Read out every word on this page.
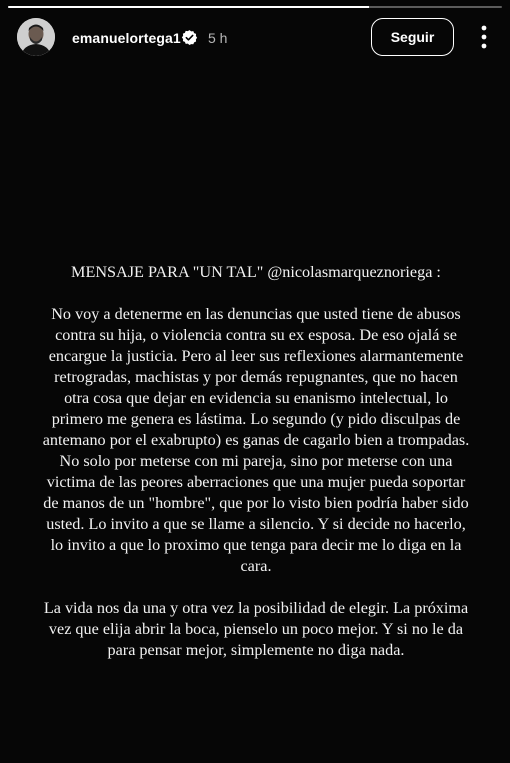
emanuelortega1 5 h	Seguir

MENSAJE PARA "UN TAL" @nicolasmarqueznoriega :

No voy a detenerme en las denuncias que usted tiene de abusos contra su hija, o violencia contra su ex esposa. De eso ojalá se encargue la justicia. Pero al leer sus reflexiones alarmantemente retrogradas, machistas y por demás repugnantes, que no hacen otra cosa que dejar en evidencia su enanismo intelectual, lo primero me genera es lástima. Lo segundo (y pido disculpas de antemano por el exabrupto) es ganas de cagarlo bien a trompadas. No solo por meterse con mi pareja, sino por meterse con una victima de las peores aberraciones que una mujer pueda soportar de manos de un "hombre", que por lo visto bien podría haber sido usted. Lo invito a que se llame a silencio. Y si decide no hacerlo, lo invito a que lo proximo que tenga para decir me lo diga en la cara.

La vida nos da una y otra vez la posibilidad de elegir. La próxima vez que elija abrir la boca, pienselo un poco mejor. Y si no le da para pensar mejor, simplemente no diga nada.
